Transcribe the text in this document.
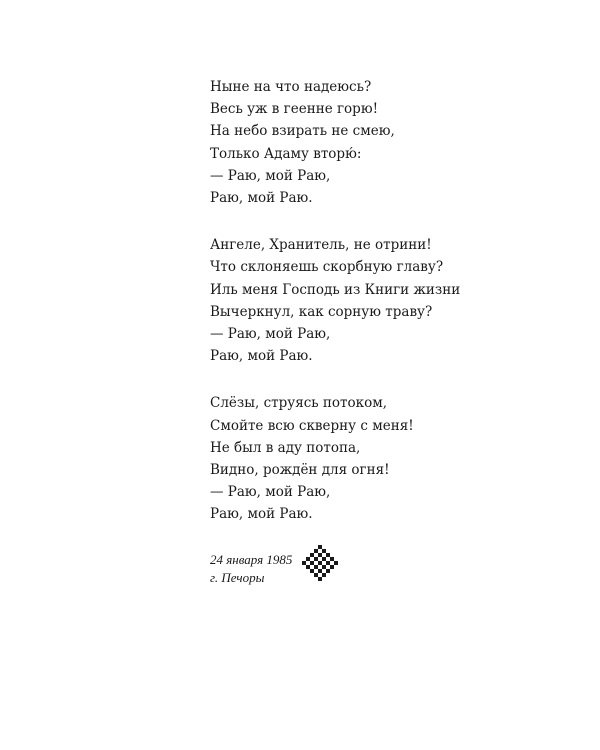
Ныне на что надеюсь?
Весь уж в геенне горю!
На небо взирать не смею,
Только Адаму вторю́:
— Раю, мой Раю,
Раю, мой Раю.
Ангеле, Хранитель, не отрини!
Что склоняешь скорбную главу?
Иль меня Господь из Книги жизни
Вычеркнул, как сорную траву?
— Раю, мой Раю,
Раю, мой Раю.
Слёзы, струясь потоком,
Смойте всю скверну с меня!
Не был в аду потопа,
Видно, рождён для огня!
— Раю, мой Раю,
Раю, мой Раю.
24 января 1985
г. Печоры
